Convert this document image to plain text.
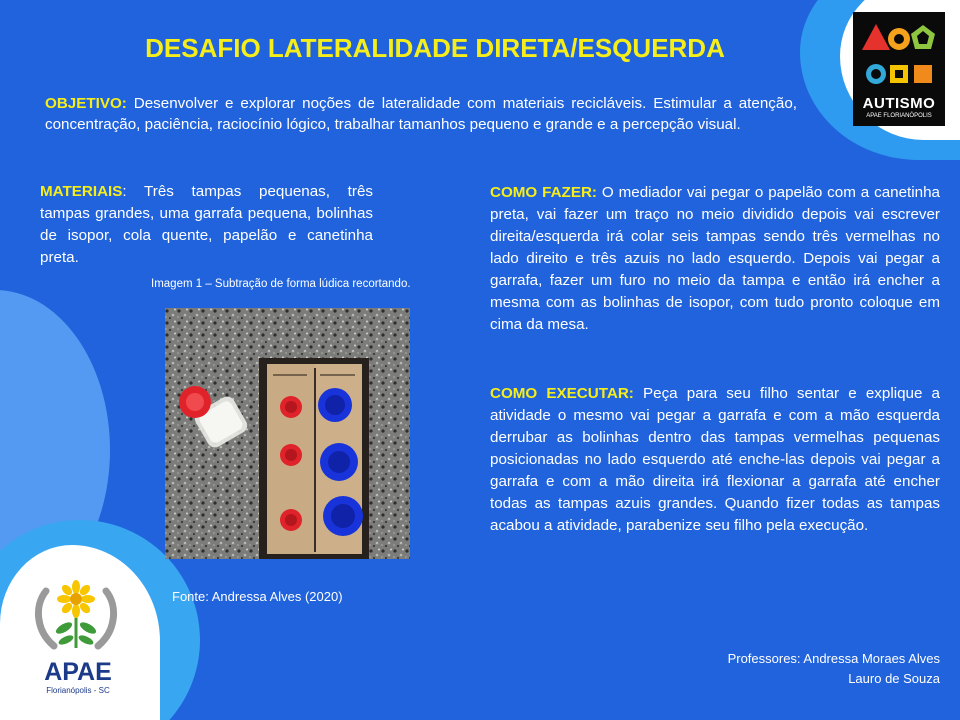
DESAFIO LATERALIDADE DIRETA/ESQUERDA

OBJETIVO: Desenvolver e explorar noções de lateralidade com materiais recicláveis. Estimular a atenção, concentração, paciência, raciocínio lógico, trabalhar tamanhos pequeno e grande e a percepção visual.

MATERIAIS: Três tampas pequenas, três tampas grandes, uma garrafa pequena, bolinhas de isopor, cola quente, papelão e canetinha preta.

Imagem 1 – Subtração de forma lúdica recortando.
Fonte: Andressa Alves (2020)

COMO FAZER: O mediador vai pegar o papelão com a canetinha preta, vai fazer um traço no meio dividido depois vai escrever direita/esquerda irá colar seis tampas sendo três vermelhas no lado direito e três azuis no lado esquerdo. Depois vai pegar a garrafa, fazer um furo no meio da tampa e então irá encher a mesma com as bolinhas de isopor, com tudo pronto coloque em cima da mesa.

COMO EXECUTAR: Peça para seu filho sentar e explique a atividade o mesmo vai pegar a garrafa e com a mão esquerda derrubar as bolinhas dentro das tampas vermelhas pequenas posicionadas no lado esquerdo até enche-las depois vai pegar a garrafa e com a mão direita irá flexionar a garrafa até encher todas as tampas azuis grandes. Quando fizer todas as tampas acabou a atividade, parabenize seu filho pela execução.

Professores: Andressa Moraes Alves
Lauro de Souza
AUTISMO
APAE FLORIANÓPOLIS
APAE
Florianópolis - SC
